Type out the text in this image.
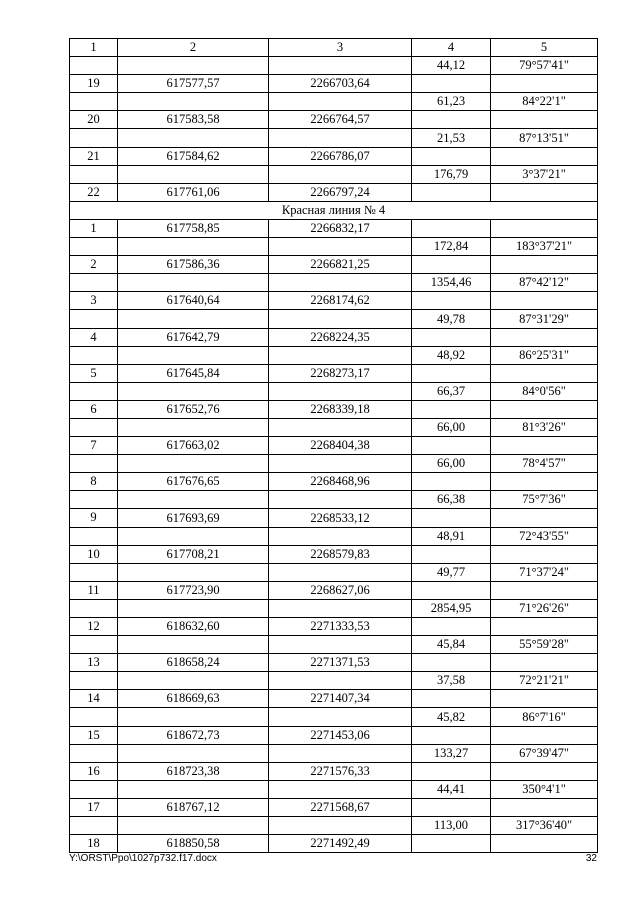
1	2	3	4	5
			44,12	79°57'41"
19	617577,57	2266703,64		
			61,23	84°22'1"
20	617583,58	2266764,57		
			21,53	87°13'51"
21	617584,62	2266786,07		
			176,79	3°37'21"
22	617761,06	2266797,24		
Красная линия № 4				
1	617758,85	2266832,17		
			172,84	183°37'21"
2	617586,36	2266821,25		
			1354,46	87°42'12"
3	617640,64	2268174,62		
			49,78	87°31'29"
4	617642,79	2268224,35		
			48,92	86°25'31"
5	617645,84	2268273,17		
			66,37	84°0'56"
6	617652,76	2268339,18		
			66,00	81°3'26"
7	617663,02	2268404,38		
			66,00	78°4'57"
8	617676,65	2268468,96		
			66,38	75°7'36"
9	617693,69	2268533,12		
			48,91	72°43'55"
10	617708,21	2268579,83		
			49,77	71°37'24"
11	617723,90	2268627,06		
			2854,95	71°26'26"
12	618632,60	2271333,53		
			45,84	55°59'28"
13	618658,24	2271371,53		
			37,58	72°21'21"
14	618669,63	2271407,34		
			45,82	86°7'16"
15	618672,73	2271453,06		
			133,27	67°39'47"
16	618723,38	2271576,33		
			44,41	350°4'1"
17	618767,12	2271568,67		
			113,00	317°36'40"
18	618850,58	2271492,49		
Y:\ORST\Ppo\1027p732.f17.docx	32
